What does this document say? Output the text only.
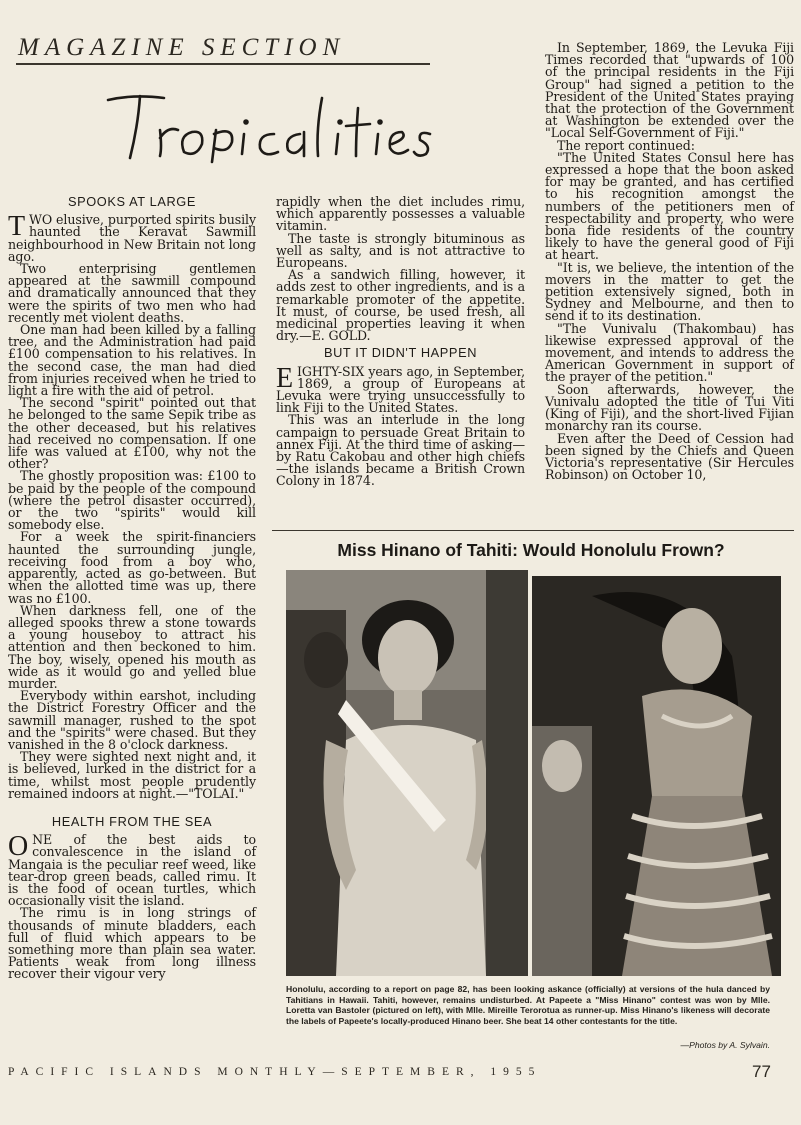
MAGAZINE SECTION
SPOOKS AT LARGE

TWO elusive, purported spirits busily haunted the Keravat Sawmill neighbourhood in New Britain not long ago.

Two enterprising gentlemen appeared at the sawmill compound and dramatically announced that they were the spirits of two men who had recently met violent deaths.

One man had been killed by a falling tree, and the Administration had paid £100 compensation to his relatives. In the second case, the man had died from injuries received when he tried to light a fire with the aid of petrol.

The second "spirit" pointed out that he belonged to the same Sepik tribe as the other deceased, but his relatives had received no compensation. If one life was valued at £100, why not the other?

The ghostly proposition was: £100 to be paid by the people of the compound (where the petrol disaster occurred), or the two "spirits" would kill somebody else.

For a week the spirit-financiers haunted the surrounding jungle, receiving food from a boy who, apparently, acted as go-between. But when the allotted time was up, there was no £100.

When darkness fell, one of the alleged spooks threw a stone towards a young houseboy to attract his attention and then beckoned to him. The boy, wisely, opened his mouth as wide as it would go and yelled blue murder.

Everybody within earshot, including the District Forestry Officer and the sawmill manager, rushed to the spot and the "spirits" were chased. But they vanished in the 8 o'clock darkness.

They were sighted next night and, it is believed, lurked in the district for a time, whilst most people prudently remained indoors at night.—"TOLAI."

HEALTH FROM THE SEA

ONE of the best aids to convalescence in the island of Mangaia is the peculiar reef weed, like tear-drop green beads, called rimu. It is the food of ocean turtles, which occasionally visit the island.

The rimu is in long strings of thousands of minute bladders, each full of fluid which appears to be something more than plain sea water. Patients weak from long illness recover their vigour very

rapidly when the diet includes rimu, which apparently possesses a valuable vitamin.

The taste is strongly bituminous as well as salty, and is not attractive to Europeans.

As a sandwich filling, however, it adds zest to other ingredients, and is a remarkable promoter of the appetite. It must, of course, be used fresh, all medicinal properties leaving it when dry.—E. GOLD.

BUT IT DIDN'T HAPPEN

EIGHTY-SIX years ago, in September, 1869, a group of Europeans at Levuka were trying unsuccessfully to link Fiji to the United States.

This was an interlude in the long campaign to persuade Great Britain to annex Fiji. At the third time of asking—by Ratu Cakobau and other high chiefs—the islands became a British Crown Colony in 1874.

In September, 1869, the Levuka Fiji Times recorded that "upwards of 100 of the principal residents in the Fiji Group" had signed a petition to the President of the United States praying that the protection of the Government at Washington be extended over the "Local Self-Government of Fiji."

The report continued:

"The United States Consul here has expressed a hope that the boon asked for may be granted, and has certified to his recognition amongst the numbers of the petitioners men of respectability and property, who were bona fide residents of the country likely to have the general good of Fiji at heart.

"It is, we believe, the intention of the movers in the matter to get the petition extensively signed, both in Sydney and Melbourne, and then to send it to its destination.

"The Vunivalu (Thakombau) has likewise expressed approval of the movement, and intends to address the American Government in support of the prayer of the petition."

Soon afterwards, however, the Vunivalu adopted the title of Tui Viti (King of Fiji), and the short-lived Fijian monarchy ran its course.

Even after the Deed of Cession had been signed by the Chiefs and Queen Victoria's representative (Sir Hercules Robinson) on October 10,

Miss Hinano of Tahiti: Would Honolulu Frown?
Honolulu, according to a report on page 82, has been looking askance (officially) at versions of the hula danced by Tahitians in Hawaii. Tahiti, however, remains undisturbed. At Papeete a "Miss Hinano" contest was won by Mlle. Loretta van Bastoler (pictured on left), with Mlle. Mireille Terorotua as runner-up. Miss Hinano's likeness will decorate the labels of Papeete's locally-produced Hinano beer. She beat 14 other contestants for the title.
—Photos by A. Sylvain.
PACIFIC ISLANDS MONTHLY—SEPTEMBER, 1955	77
